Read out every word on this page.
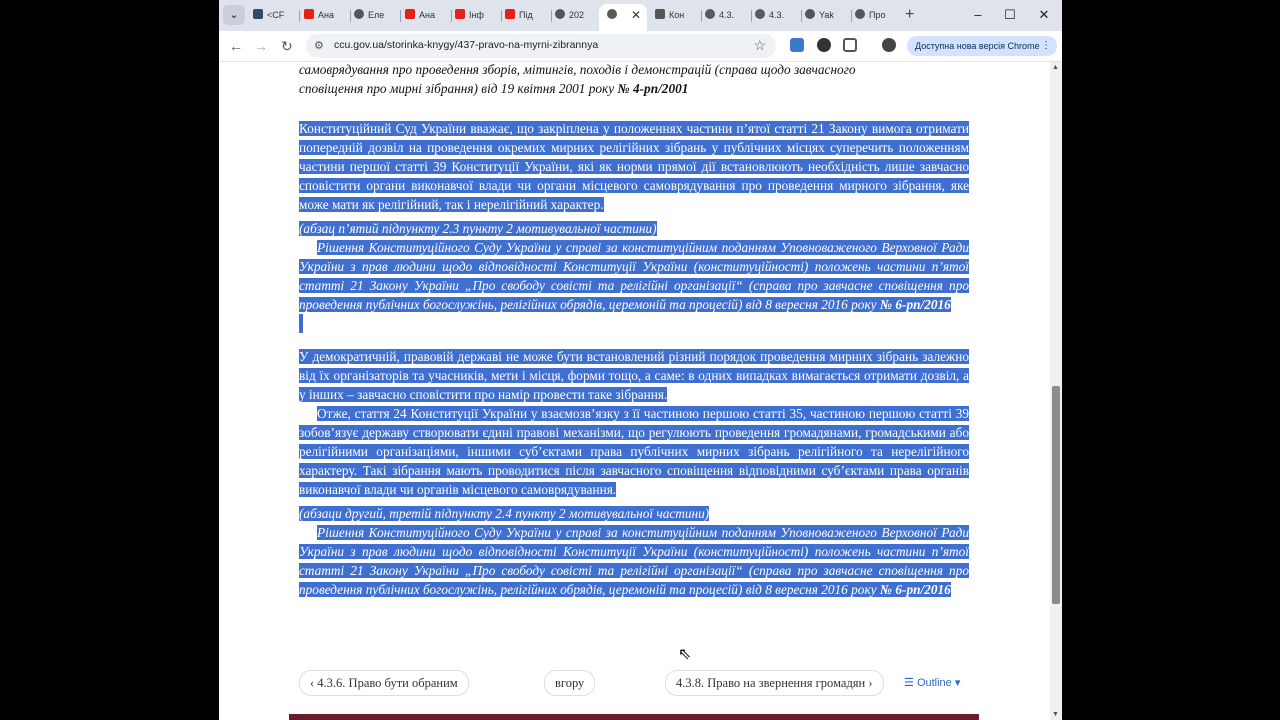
⌄	<CF	Ана	Еле	Ана	Інф	Під	202	✕	Кон	4.3.	4.3.	Yak	Про	+	–	☐	✕
← → ↻ ⚙ ccu.gov.ua/storinka-knygy/437-pravo-na-myrni-zibrannya	☆	Доступна нова версія Chrome ⋮

самоврядування про проведення зборів, мітингів, походів і демонстрацій (справа щодо завчасного
сповіщення про мирні зібрання) від 19 квітня 2001 року № 4-рп/2001

Конституційний Суд України вважає, що закріплена у положеннях частини п’ятої статті 21 Закону вимога отримати попередній дозвіл на проведення окремих мирних релігійних зібрань у публічних місцях суперечить положенням частини першої статті 39 Конституції України, які як норми прямої дії встановлюють необхідність лише завчасно сповістити органи виконавчої влади чи органи місцевого самоврядування про проведення мирного зібрання, яке може мати як релігійний, так і нерелігійний характер.

(абзац п’ятий підпункту 2.3 пункту 2 мотивувальної частини)

Рішення Конституційного Суду України у справі за конституційним поданням Уповноваженого Верховної Ради України з прав людини щодо відповідності Конституції України (конституційності) положень частини п’ятої статті 21 Закону України „Про свободу совісті та релігійні організації“ (справа про завчасне сповіщення про проведення публічних богослужінь, релігійних обрядів, церемоній та процесій) від 8 вересня 2016 року № 6-рп/2016

У демократичній, правовій державі не може бути встановлений різний порядок проведення мирних зібрань залежно від їх організаторів та учасників, мети і місця, форми тощо, а саме: в одних випадках вимагається отримати дозвіл, а у інших – завчасно сповістити про намір провести таке зібрання.

Отже, стаття 24 Конституції України у взаємозв’язку з її частиною першою статті 35, частиною першою статті 39 зобов’язує державу створювати єдині правові механізми, що регулюють проведення громадянами, громадськими або релігійними організаціями, іншими суб’єктами права публічних мирних зібрань релігійного та нерелігійного характеру. Такі зібрання мають проводитися після завчасного сповіщення відповідними суб’єктами права органів виконавчої влади чи органів місцевого самоврядування.

(абзаци другий, третій підпункту 2.4 пункту 2 мотивувальної частини)

Рішення Конституційного Суду України у справі за конституційним поданням Уповноваженого Верховної Ради України з прав людини щодо відповідності Конституції України (конституційності) положень частини п’ятої статті 21 Закону України „Про свободу совісті та релігійні організації“ (справа про завчасне сповіщення про проведення публічних богослужінь, релігійних обрядів, церемоній та процесій) від 8 вересня 2016 року № 6-рп/2016

‹ 4.3.6. Право бути обраним	вгору	4.3.8. Право на звернення громадян ›	☰ Outline ▾
⇖
▲
▼
